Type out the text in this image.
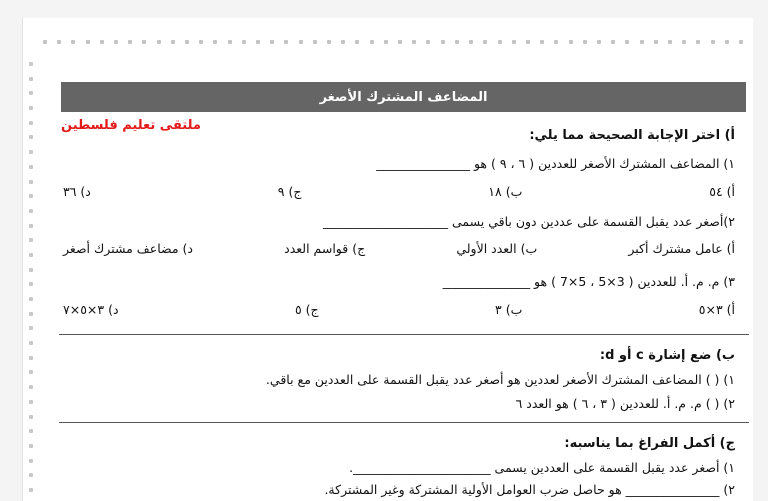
المضاعف المشترك الأصغر
ملتقى تعليم فلسطين
أ) اختر الإجابة الصحيحة مما يلي:
١) المضاعف المشترك الأصغر للعددين ( ٦ ، ٩ ) هو _______________
أ) ٥٤
ب) ١٨
ج) ٩
د) ٣٦
٢)أصغر عدد يقبل القسمة على عددين دون باقي يسمى ____________________
أ) عامل مشترك أكبر
ب) العدد الأولي
ج) قواسم العدد
د) مضاعف مشترك أصغر
٣) م. م. أ. للعددين ( 3×5 ، 5×7 ) هو ______________
أ) ٣×٥
ب) ٣
ج) ٥
د) ٣×٥×٧
ب) ضع إشارة c أو d:
١) ( ) المضاعف المشترك الأصغر لعددين هو أصغر عدد يقبل القسمة على العددين مع باقي.
٢) ( ) م. م. أ. للعددين ( ٣ ، ٦ ) هو العدد ٦
ج) أكمل الفراغ بما يناسبه:
١) أصغر عدد يقبل القسمة على العددين يسمى ______________________.
٢) _______________ هو حاصل ضرب العوامل الأولية المشتركة وغير المشتركة.
